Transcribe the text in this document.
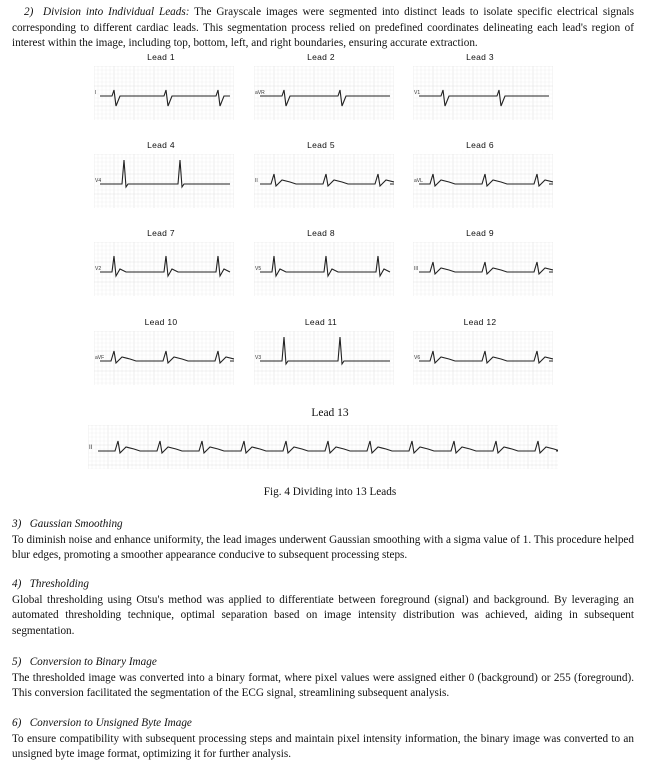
2)  Division into Individual Leads: The Grayscale images were segmented into distinct leads to isolate specific electrical signals corresponding to different cardiac leads. This segmentation process relied on predefined coordinates delineating each lead's region of interest within the image, including top, bottom, left, and right boundaries, ensuring accurate extraction.
Lead 1
I
Lead 2
aVR
Lead 3
V1
Lead 4
V4
Lead 5
II
Lead 6
aVL
Lead 7
V2
Lead 8
V5
Lead 9
III
Lead 10
aVF
Lead 11
V3
Lead 12
V6
Lead 13
II
Fig. 4 Dividing into 13 Leads
3)   Gaussian Smoothing
To diminish noise and enhance uniformity, the lead images underwent Gaussian smoothing with a sigma value of 1. This procedure helped blur edges, promoting a smoother appearance conducive to subsequent processing steps.
4)   Thresholding
Global thresholding using Otsu's method was applied to differentiate between foreground (signal) and background. By leveraging an automated thresholding technique, optimal separation based on image intensity distribution was achieved, aiding in subsequent segmentation.
5)   Conversion to Binary Image
The thresholded image was converted into a binary format, where pixel values were assigned either 0 (background) or 255 (foreground). This conversion facilitated the segmentation of the ECG signal, streamlining subsequent analysis.
6)   Conversion to Unsigned Byte Image
To ensure compatibility with subsequent processing steps and maintain pixel intensity information, the binary image was converted to an unsigned byte image format, optimizing it for further analysis.
